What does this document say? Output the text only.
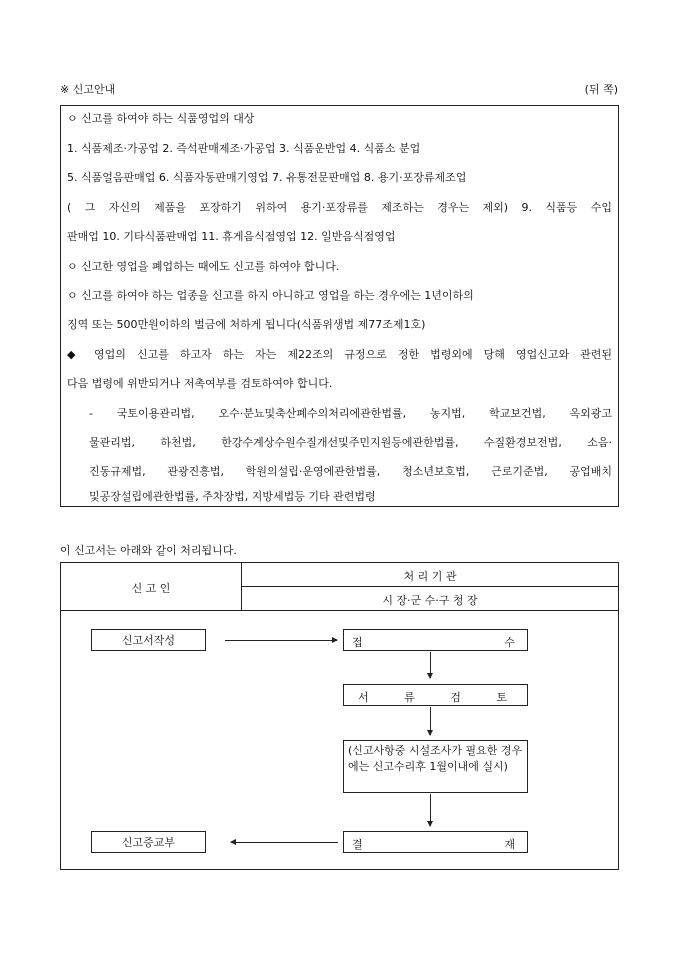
※ 신고안내	(뒤 쪽)
ㅇ 신고를 하여야 하는 식품영업의 대상
1. 식품제조·가공업 2. 즉석판매제조·가공업 3. 식품운반업 4. 식품소 분업
5. 식품얼음판매업 6. 식품자동판매기영업 7. 유통전문판매업 8. 용기·포장류제조업
( 그 자신의 제품을 포장하기 위하여 용기·포장류를 제조하는 경우는 제외) 9. 식품등 수입
판매업 10. 기타식품판매업 11. 휴게음식점영업 12. 일반음식점영업
ㅇ 신고한 영업을 폐업하는 때에도 신고를 하여야 합니다.
ㅇ 신고를 하여야 하는 업종을 신고를 하지 아니하고 영업을 하는 경우에는 1년이하의
징역 또는 500만원이하의 벌금에 처하게 됩니다(식품위생법 제77조제1호)
◆ 영업의 신고를 하고자 하는 자는 제22조의 규정으로 정한 법령외에 당해 영업신고와 관련된
다음 법령에 위반되거나 저촉여부를 검토하여야 합니다.
- 국토이용관리법, 오수·분뇨및축산폐수의처리에관한법률, 농지법, 학교보건법, 옥외광고
물관리법, 하천법, 한강수계상수원수질개선및주민지원등에관한법률, 수질환경보전법, 소음·
진동규제법, 관광진흥법, 학원의설립·운영에관한법률, 청소년보호법, 근로기준법, 공업배치
및공장설립에관한법률, 주차장법, 지방세법등 기타 관련법령
이 신고서는 아래와 같이 처리됩니다.
신 고 인
처 리 기 관
시 장·군 수·구 청 장
신고서작성	접	수
서	류	검	토
(신고사항중 시설조사가 필요한 경우에는 신고수리후 1월이내에 실시)
결	재
신고증교부
